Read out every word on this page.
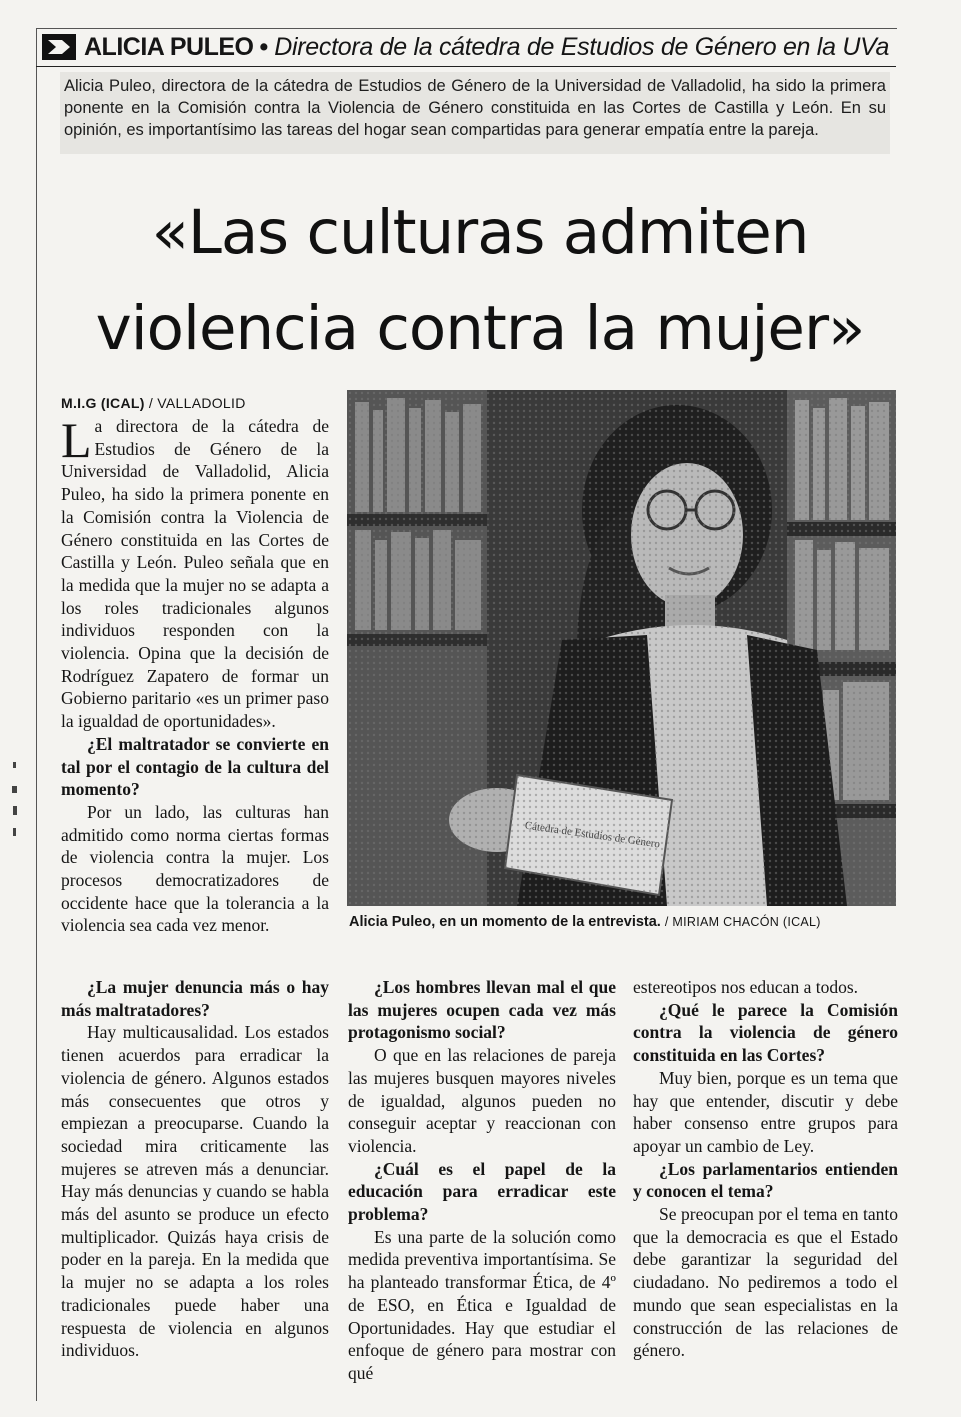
ALICIA PULEO • Directora de la cátedra de Estudios de Género en la UVa

Alicia Puleo, directora de la cátedra de Estudios de Género de la Universidad de Valladolid, ha sido la primera ponente en la Comisión contra la Violencia de Género constituida en las Cortes de Castilla y León. En su opinión, es importantísimo las tareas del hogar sean compartidas para generar empatía entre la pareja.

«Las culturas admiten
violencia contra la mujer»

M.I.G (ICAL) / VALLADOLID

La directora de la cátedra de Estudios de Género de la Universidad de Valladolid, Alicia Puleo, ha sido la primera ponente en la Comisión contra la Violencia de Género constituida en las Cortes de Castilla y León. Puleo señala que en la medida que la mujer no se adapta a los roles tradicionales algunos individuos responden con la violencia. Opina que la decisión de Rodríguez Zapatero de formar un Gobierno paritario «es un primer paso la igualdad de oportunidades».

¿El maltratador se convierte en tal por el contagio de la cultura del momento?

Por un lado, las culturas han admitido como norma ciertas formas de violencia contra la mujer. Los procesos democratizadores de occidente hace que la tolerancia a la violencia sea cada vez menor.	Alicia Puleo, en un momento de la entrevista. / MIRIAM CHACÓN (ICAL)

¿La mujer denuncia más o hay más maltratadores?

Hay multicausalidad. Los estados tienen acuerdos para erradicar la violencia de género. Algunos estados más consecuentes que otros y empiezan a preocuparse. Cuando la sociedad mira criticamente las mujeres se atreven más a denunciar. Hay más denuncias y cuando se habla más del asunto se produce un efecto multiplicador. Quizás haya crisis de poder en la pareja. En la medida que la mujer no se adapta a los roles tradicionales puede haber una respuesta de violencia en algunos individuos.

¿Los hombres llevan mal el que las mujeres ocupen cada vez más protagonismo social?

O que en las relaciones de pareja las mujeres busquen mayores niveles de igualdad, algunos pueden no conseguir aceptar y reaccionan con violencia.

¿Cuál es el papel de la educación para erradicar este problema?

Es una parte de la solución como medida preventiva importantísima. Se ha planteado transformar Ética, de 4º de ESO, en Ética e Igualdad de Oportunidades. Hay que estudiar el enfoque de género para mostrar con qué

estereotipos nos educan a todos.

¿Qué le parece la Comisión contra la violencia de género constituida en las Cortes?

Muy bien, porque es un tema que hay que entender, discutir y debe haber consenso entre grupos para apoyar un cambio de Ley.

¿Los parlamentarios entienden y conocen el tema?

Se preocupan por el tema en tanto que la democracia es que el Estado debe garantizar la seguridad del ciudadano. No pediremos a todo el mundo que sean especialistas en la construcción de las relaciones de género.
